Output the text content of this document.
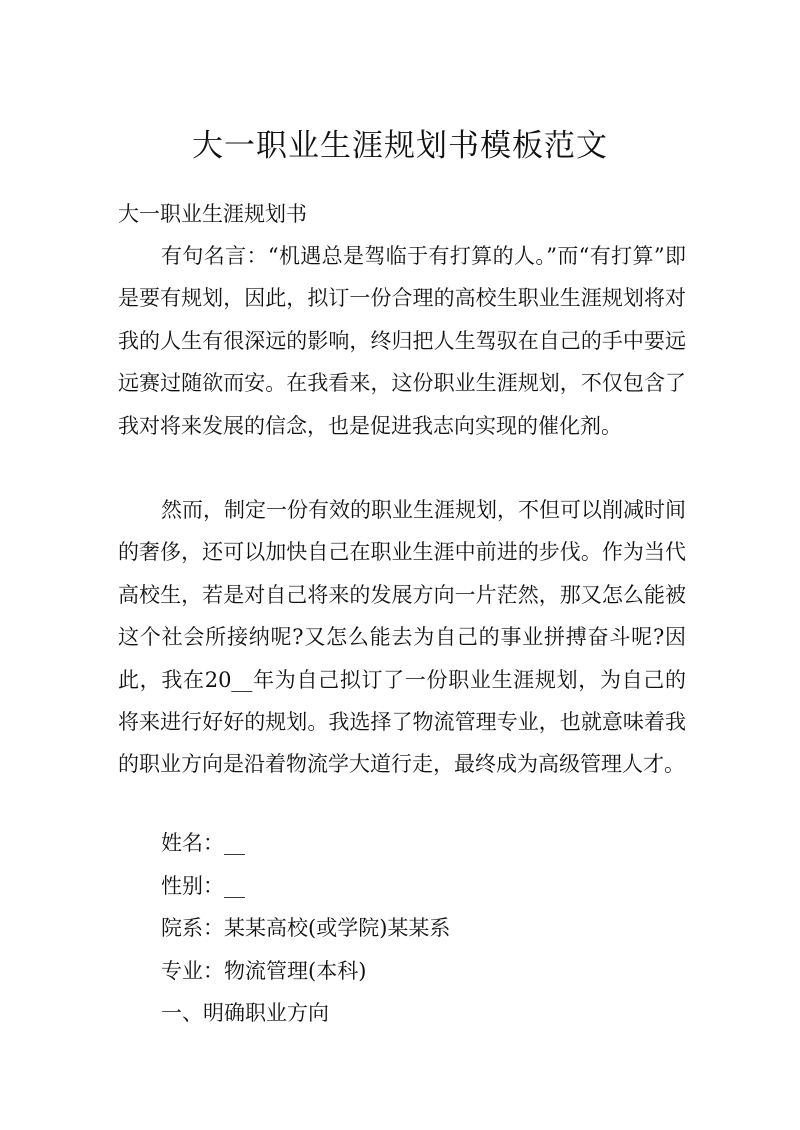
大一职业生涯规划书模板范文
大一职业生涯规划书

有句名言：“机遇总是驾临于有打算的人。”而“有打算”即是要有规划，因此，拟订一份合理的高校生职业生涯规划将对我的人生有很深远的影响，终归把人生驾驭在自己的手中要远远赛过随欲而安。在我看来，这份职业生涯规划，不仅包含了我对将来发展的信念，也是促进我志向实现的催化剂。

然而，制定一份有效的职业生涯规划，不但可以削减时间的奢侈，还可以加快自己在职业生涯中前进的步伐。作为当代高校生，若是对自己将来的发展方向一片茫然，那又怎么能被这个社会所接纳呢?又怎么能去为自己的事业拼搏奋斗呢?因此，我在20__年为自己拟订了一份职业生涯规划，为自己的将来进行好好的规划。我选择了物流管理专业，也就意味着我的职业方向是沿着物流学大道行走，最终成为高级管理人才。

姓名：__
性别：__
院系：某某高校(或学院)某某系
专业：物流管理(本科)
一、明确职业方向
